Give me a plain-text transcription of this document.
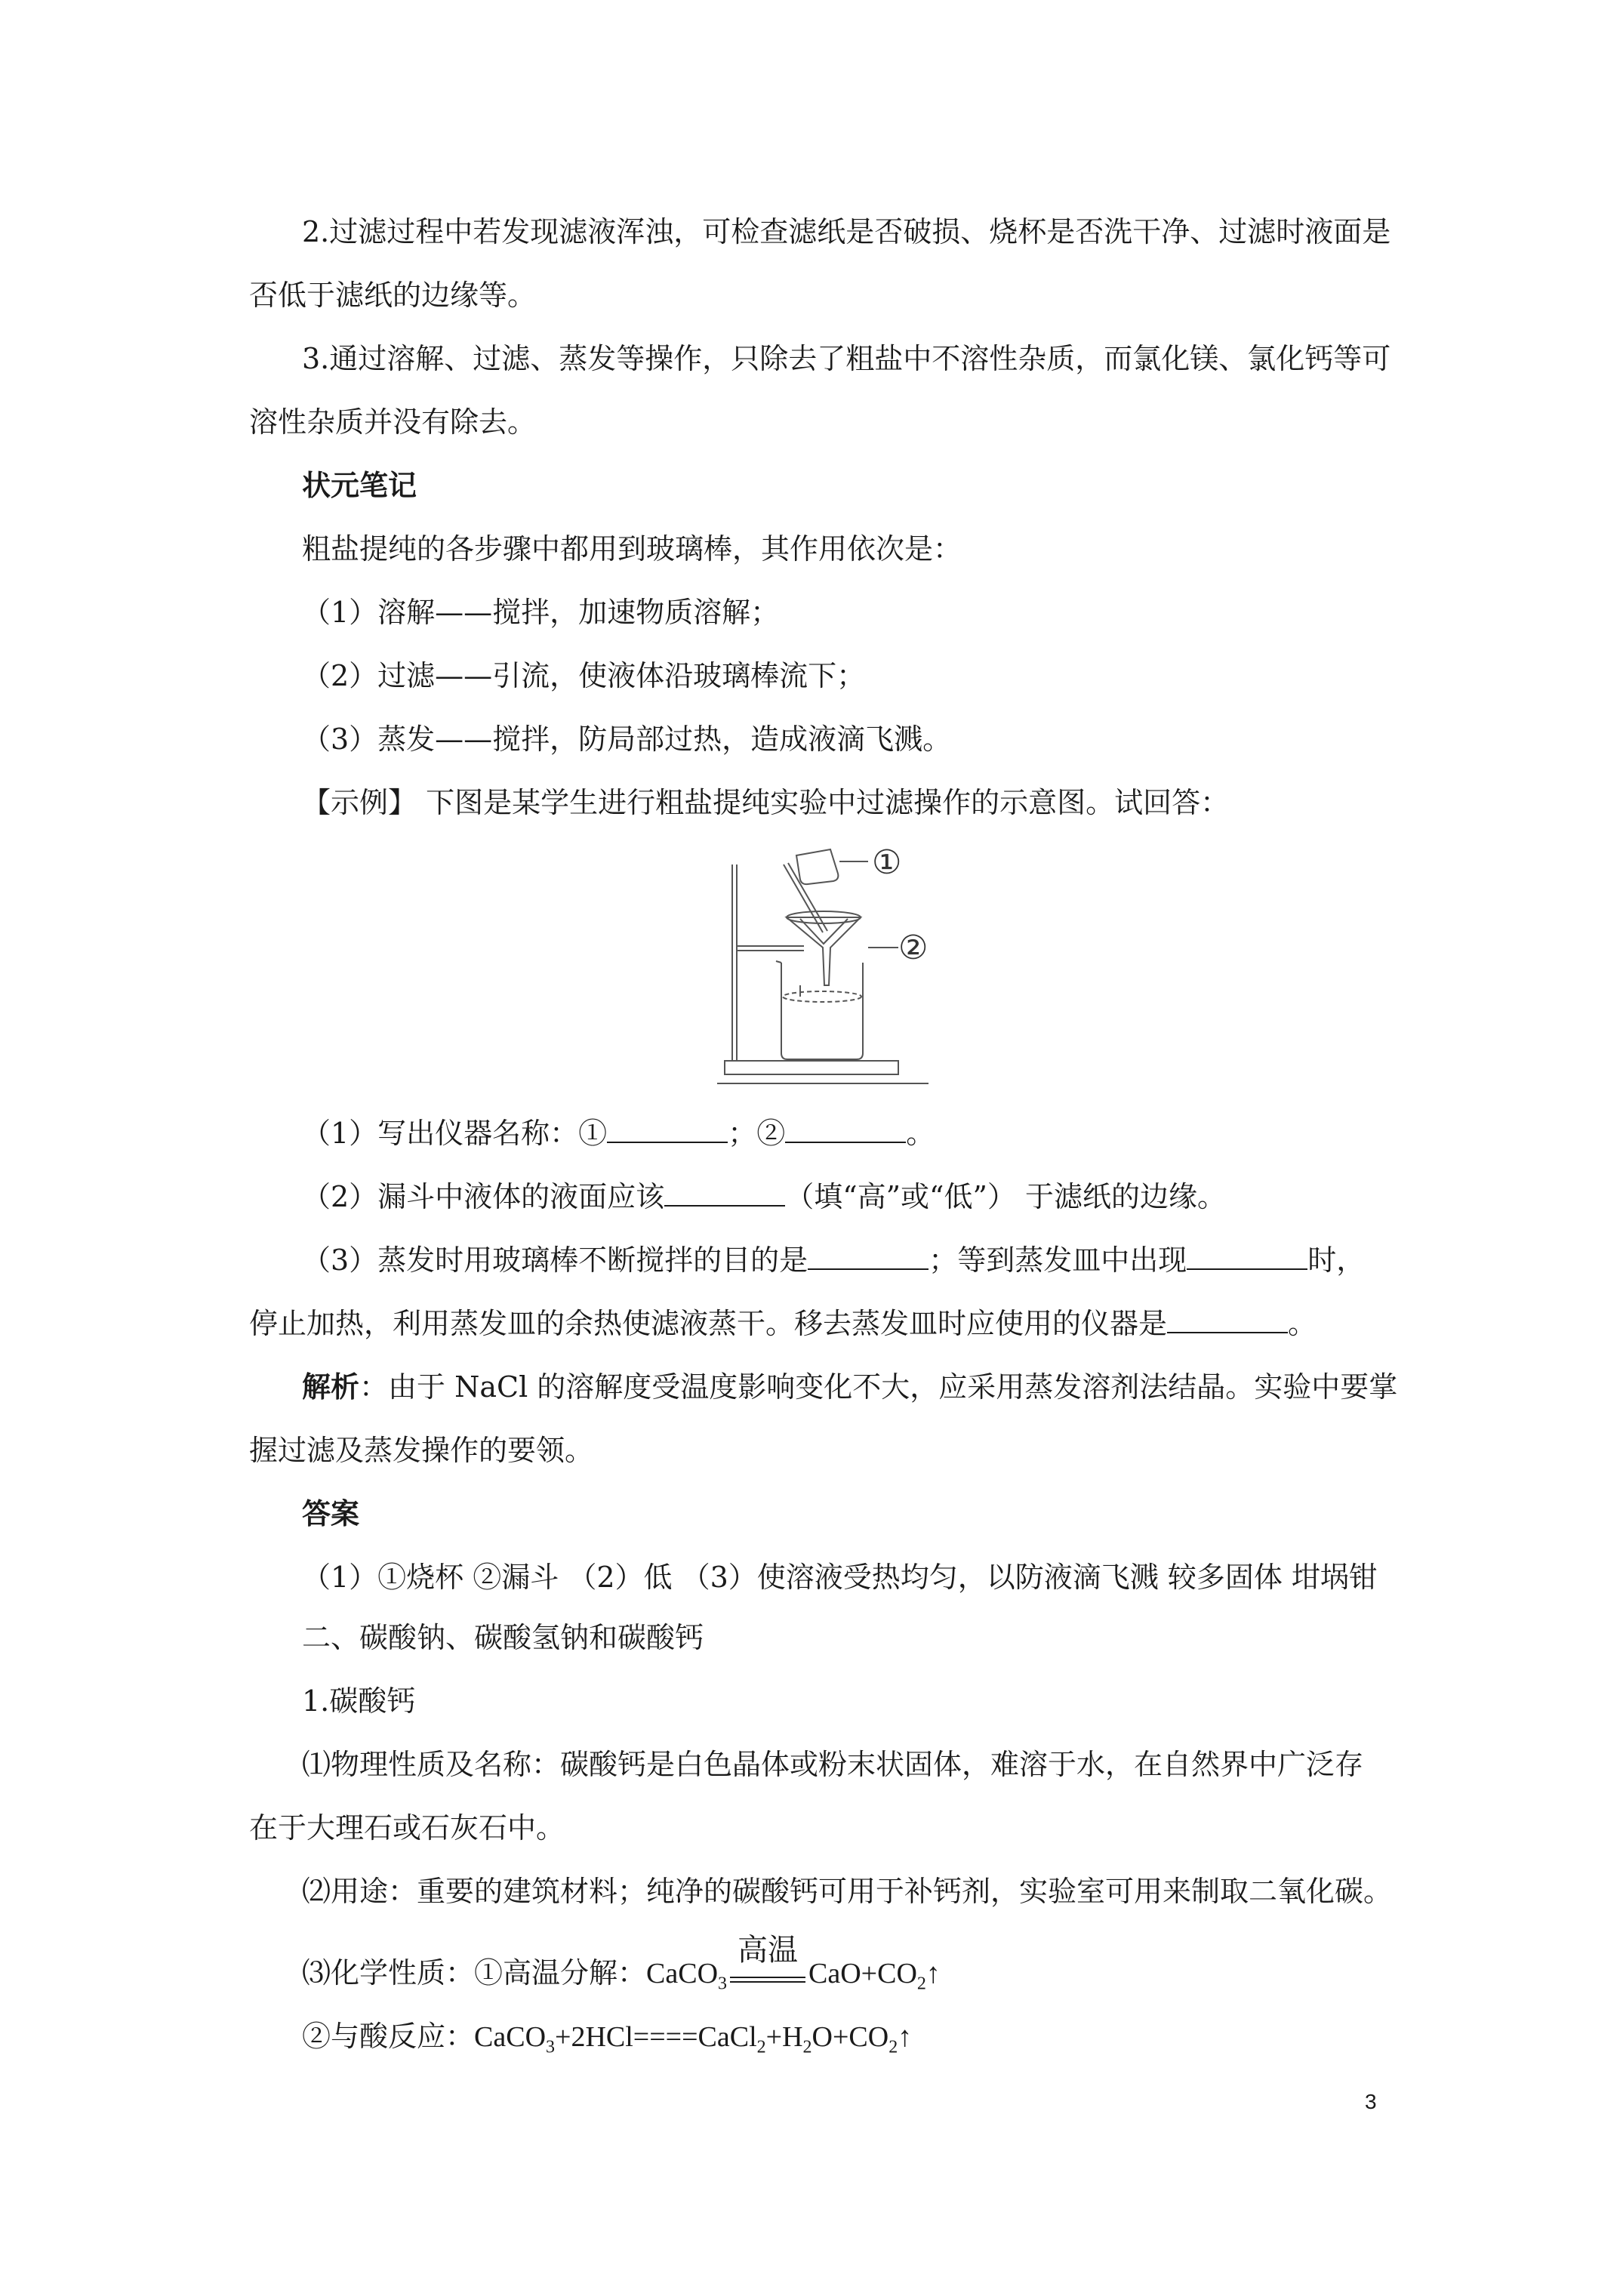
2.过滤过程中若发现滤液浑浊，可检查滤纸是否破损、烧杯是否洗干净、过滤时液面是
否低于滤纸的边缘等。
3.通过溶解、过滤、蒸发等操作，只除去了粗盐中不溶性杂质，而氯化镁、氯化钙等可
溶性杂质并没有除去。
状元笔记
粗盐提纯的各步骤中都用到玻璃棒，其作用依次是：
（1）溶解——搅拌，加速物质溶解；
（2）过滤——引流，使液体沿玻璃棒流下；
（3）蒸发——搅拌，防局部过热，造成液滴飞溅。
【示例】 下图是某学生进行粗盐提纯实验中过滤操作的示意图。试回答：
①
②
（1）写出仪器名称：①	；②	。
（2）漏斗中液体的液面应该	（填“高”或“低”） 于滤纸的边缘。
（3）蒸发时用玻璃棒不断搅拌的目的是	；等到蒸发皿中出现	时，
停止加热，利用蒸发皿的余热使滤液蒸干。移去蒸发皿时应使用的仪器是	。
解析：由于 NaCl 的溶解度受温度影响变化不大，应采用蒸发溶剂法结晶。实验中要掌
握过滤及蒸发操作的要领。
答案
（1）①烧杯 ②漏斗 （2）低 （3）使溶液受热均匀，以防液滴飞溅 较多固体 坩埚钳
二、碳酸钠、碳酸氢钠和碳酸钙
1.碳酸钙
⑴物理性质及名称：碳酸钙是白色晶体或粉末状固体，难溶于水，在自然界中广泛存
在于大理石或石灰石中。
⑵用途：重要的建筑材料；纯净的碳酸钙可用于补钙剂，实验室可用来制取二氧化碳。
⑶化学性质：①高温分解：CaCO$_3$
高温
$CaO+CO_2↑$
②与酸反应：$CaCO_3+2HCl====CaCl_2+H_2O+CO_2↑$
3
